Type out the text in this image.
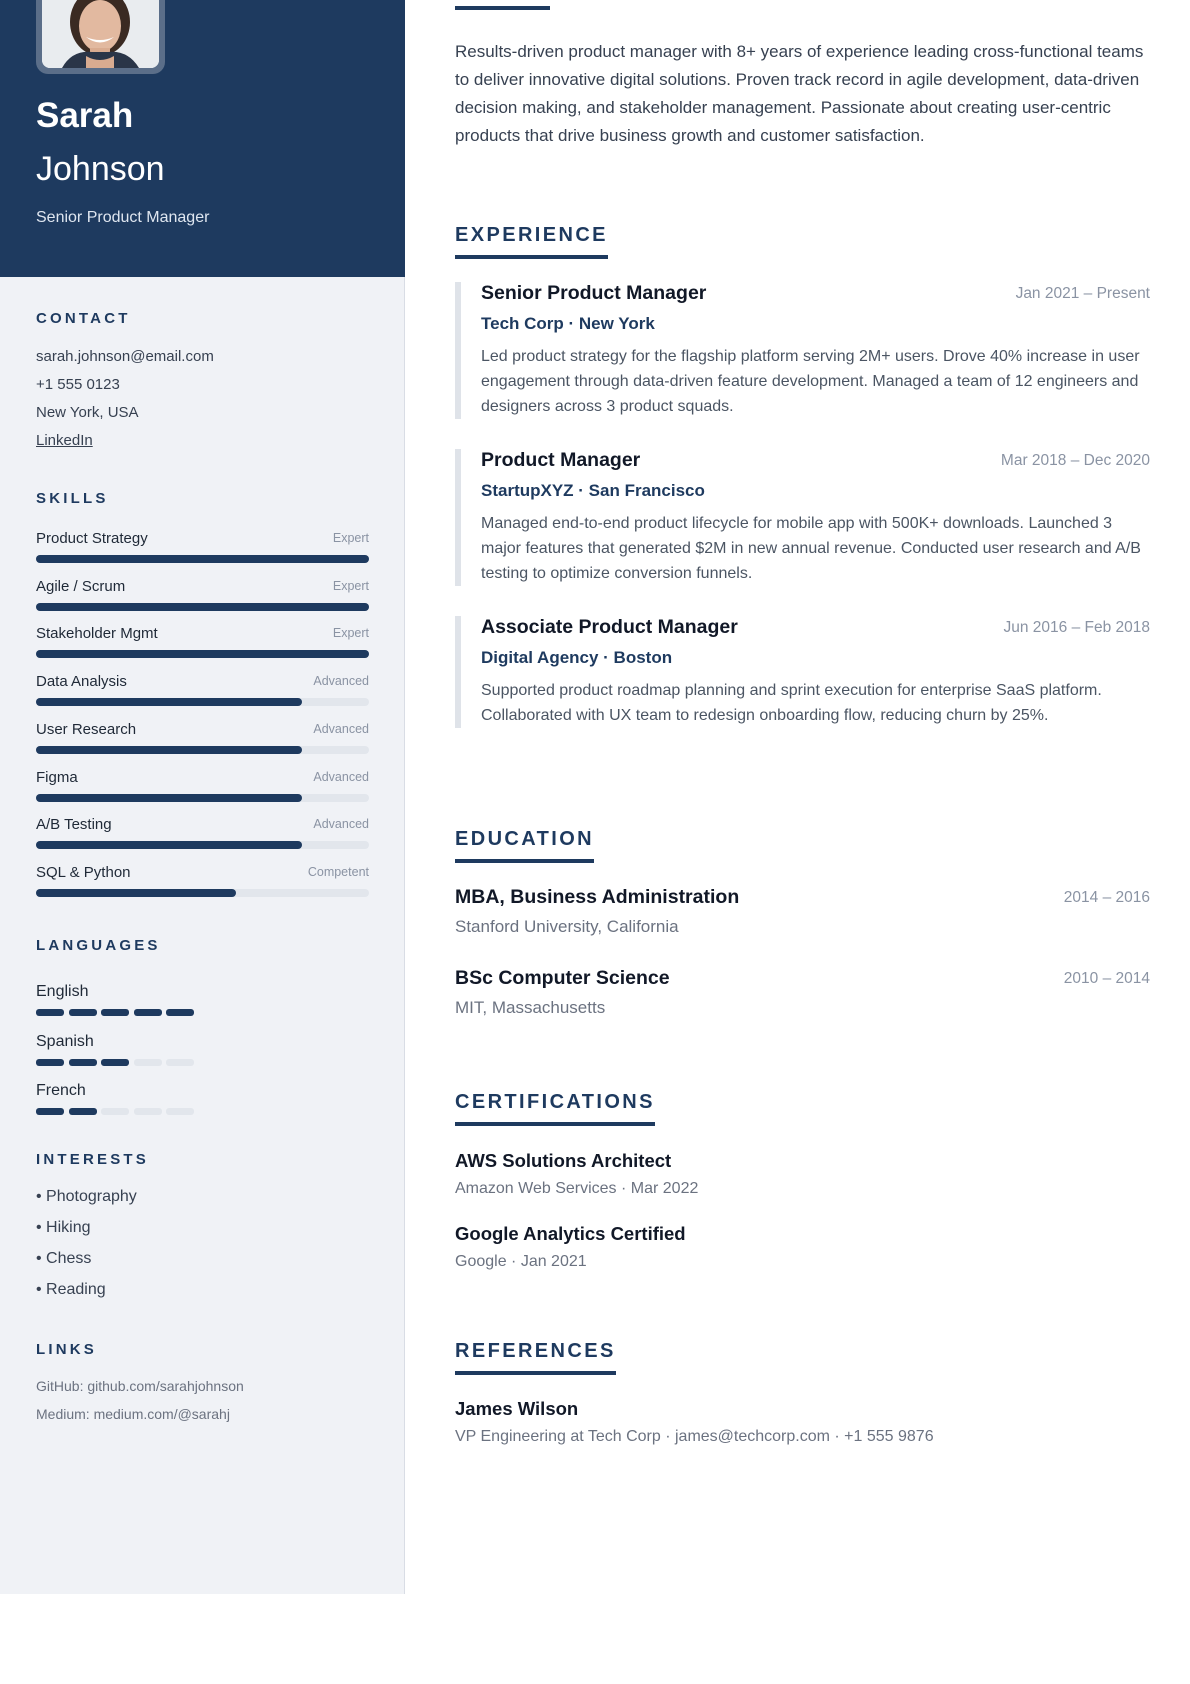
Sarah
Johnson
Senior Product Manager
CONTACT
sarah.johnson@email.com
+1 555 0123
New York, USA
LinkedIn
SKILLS
Product Strategy	Expert
Agile / Scrum	Expert
Stakeholder Mgmt	Expert
Data Analysis	Advanced
User Research	Advanced
Figma	Advanced
A/B Testing	Advanced
SQL & Python	Competent
LANGUAGES
English
Spanish
French
INTERESTS
• Photography
• Hiking
• Chess
• Reading
LINKS
GitHub: github.com/sarahjohnson
Medium: medium.com/@sarahj

Results-driven product manager with 8+ years of experience leading cross-functional teams to deliver innovative digital solutions. Proven track record in agile development, data-driven decision making, and stakeholder management. Passionate about creating user-centric products that drive business growth and customer satisfaction.

EXPERIENCE
Senior Product Manager	Jan 2021 – Present
Tech Corp · New York
Led product strategy for the flagship platform serving 2M+ users. Drove 40% increase in user engagement through data-driven feature development. Managed a team of 12 engineers and designers across 3 product squads.
Product Manager	Mar 2018 – Dec 2020
StartupXYZ · San Francisco
Managed end-to-end product lifecycle for mobile app with 500K+ downloads. Launched 3 major features that generated $2M in new annual revenue. Conducted user research and A/B testing to optimize conversion funnels.
Associate Product Manager	Jun 2016 – Feb 2018
Digital Agency · Boston
Supported product roadmap planning and sprint execution for enterprise SaaS platform. Collaborated with UX team to redesign onboarding flow, reducing churn by 25%.
EDUCATION
MBA, Business Administration	2014 – 2016
Stanford University, California
BSc Computer Science	2010 – 2014
MIT, Massachusetts
CERTIFICATIONS
AWS Solutions Architect
Amazon Web Services · Mar 2022
Google Analytics Certified
Google · Jan 2021
REFERENCES
James Wilson
VP Engineering at Tech Corp · james@techcorp.com · +1 555 9876
